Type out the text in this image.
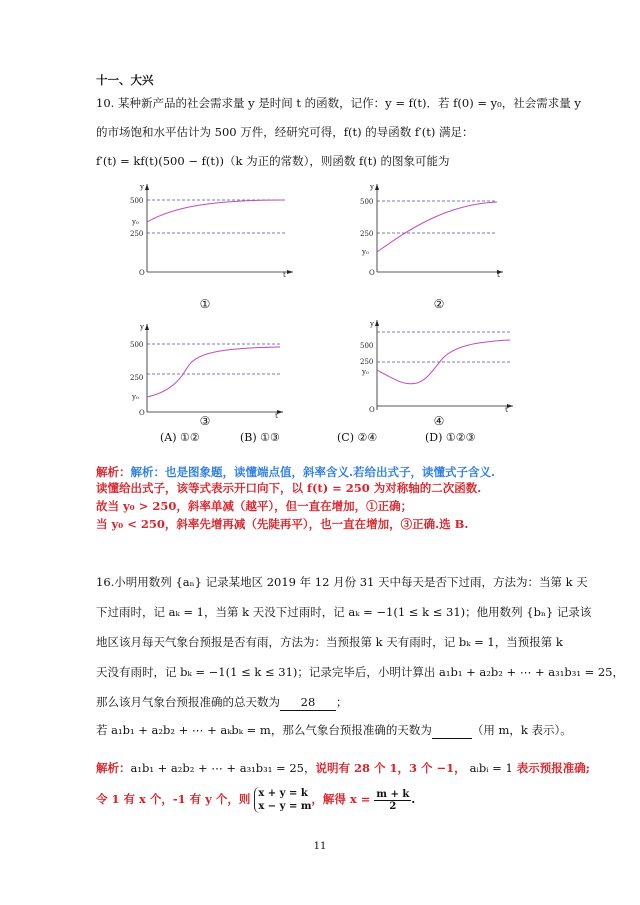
十一、大兴
10. 某种新产品的社会需求量 y 是时间 t 的函数，记作：y = f(t)．若 f(0) = y₀，社会需求量 y
的市场饱和水平估计为 500 万件，经研究可得，f(t) 的导函数 f′(t) 满足：
f′(t) = kf(t)(500 − f(t))（k 为正的常数），则函数 f(t) 的图象可能为
y
500
y₀
250
O	t
①
y
500
250
y₀
O	t
②
y
500
250
y₀
O	t
③
y
500
250
y₀
O	t
④
(A) ①②	(B) ①③	(C) ②④	(D) ①②③
解析：解析：也是图象题，读懂端点值，斜率含义.若给出式子，读懂式子含义.
读懂给出式子，该等式表示开口向下，以 f(t) = 250 为对称轴的二次函数.
故当 y₀ > 250，斜率单减（越平），但一直在增加，①正确；
当 y₀ < 250，斜率先增再减（先陡再平），也一直在增加，③正确.选 B.
16.小明用数列 {aₙ} 记录某地区 2019 年 12 月份 31 天中每天是否下过雨，方法为：当第 k 天
下过雨时，记 aₖ = 1，当第 k 天没下过雨时，记 aₖ = −1(1 ≤ k ≤ 31)；他用数列 {bₙ} 记录该
地区该月每天气象台预报是否有雨，方法为：当预报第 k 天有雨时，记 bₖ = 1，当预报第 k
天没有雨时，记 bₖ = −1(1 ≤ k ≤ 31)；记录完毕后，小明计算出 a₁b₁ + a₂b₂ + ⋯ + a₃₁b₃₁ = 25，
那么该月气象台预报准确的总天数为 28 ；
若 a₁b₁ + a₂b₂ + ⋯ + aₖbₖ = m，那么气象台预报准确的天数为	（用 m，k 表示）。
解析：a₁b₁ + a₂b₂ + ⋯ + a₃₁b₃₁ = 25，说明有 28 个 1，3 个 −1， aᵢbᵢ = 1 表示预报准确;
令 1 有 x 个，-1 有 y 个，则 x + y = k
x − y = m，解得 $x = \frac{m + k}{2}$ .
11
